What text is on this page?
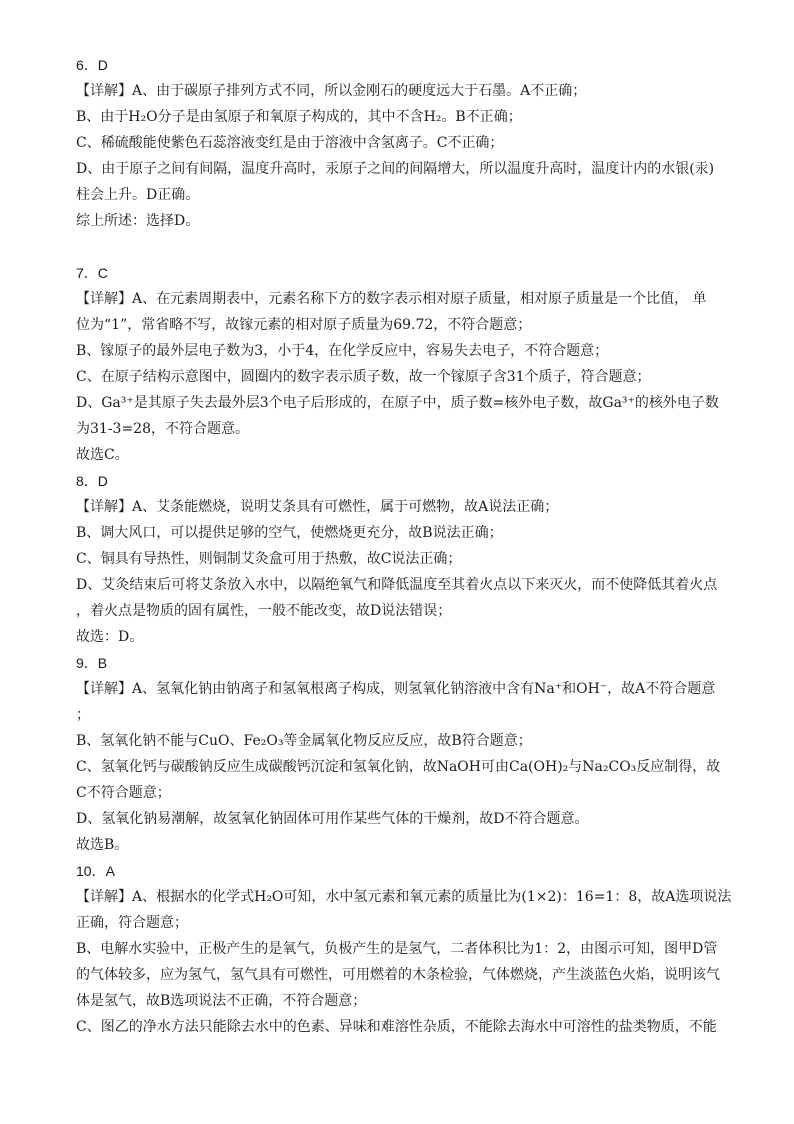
6．D
【详解】A、由于碳原子排列方式不同，所以金刚石的硬度远大于石墨。A不正确；
B、由于H₂O分子是由氢原子和氧原子构成的，其中不含H₂。B不正确；
C、稀硫酸能使紫色石蕊溶液变红是由于溶液中含氢离子。C不正确；
D、由于原子之间有间隔，温度升高时，汞原子之间的间隔增大，所以温度升高时，温度计内的水银(汞)
柱会上升。D正确。
综上所述：选择D。
7．C
【详解】A、在元素周期表中，元素名称下方的数字表示相对原子质量，相对原子质量是一个比值， 单
位为“1”，常省略不写，故镓元素的相对原子质量为69.72，不符合题意；
B、镓原子的最外层电子数为3，小于4，在化学反应中，容易失去电子，不符合题意；
C、在原子结构示意图中，圆圈内的数字表示质子数，故一个镓原子含31个质子，符合题意；
D、Ga³⁺是其原子失去最外层3个电子后形成的，在原子中，质子数=核外电子数，故Ga³⁺的核外电子数
为31-3=28，不符合题意。
故选C。
8．D
【详解】A、艾条能燃烧，说明艾条具有可燃性，属于可燃物，故A说法正确；
B、调大风口，可以提供足够的空气，使燃烧更充分，故B说法正确；
C、铜具有导热性，则铜制艾灸盒可用于热敷，故C说法正确；
D、艾灸结束后可将艾条放入水中，以隔绝氧气和降低温度至其着火点以下来灭火，而不使降低其着火点
，着火点是物质的固有属性，一般不能改变，故D说法错误；
故选：D。
9．B
【详解】A、氢氧化钠由钠离子和氢氧根离子构成，则氢氧化钠溶液中含有Na⁺和OH⁻，故A不符合题意
；
B、氢氧化钠不能与CuO、Fe₂O₃等金属氧化物反应反应，故B符合题意；
C、氢氧化钙与碳酸钠反应生成碳酸钙沉淀和氢氧化钠，故NaOH可由Ca(OH)₂与Na₂CO₃反应制得，故
C不符合题意；
D、氢氧化钠易潮解，故氢氧化钠固体可用作某些气体的干燥剂，故D不符合题意。
故选B。
10．A
【详解】A、根据水的化学式H₂O可知，水中氢元素和氧元素的质量比为(1×2)：16=1：8，故A选项说法
正确，符合题意；
B、电解水实验中，正极产生的是氧气，负极产生的是氢气，二者体积比为1：2，由图示可知，图甲D管
的气体较多，应为氢气，氢气具有可燃性，可用燃着的木条检验，气体燃烧，产生淡蓝色火焰，说明该气
体是氢气，故B选项说法不正确，不符合题意；
C、图乙的净水方法只能除去水中的色素、异味和难溶性杂质，不能除去海水中可溶性的盐类物质，不能
